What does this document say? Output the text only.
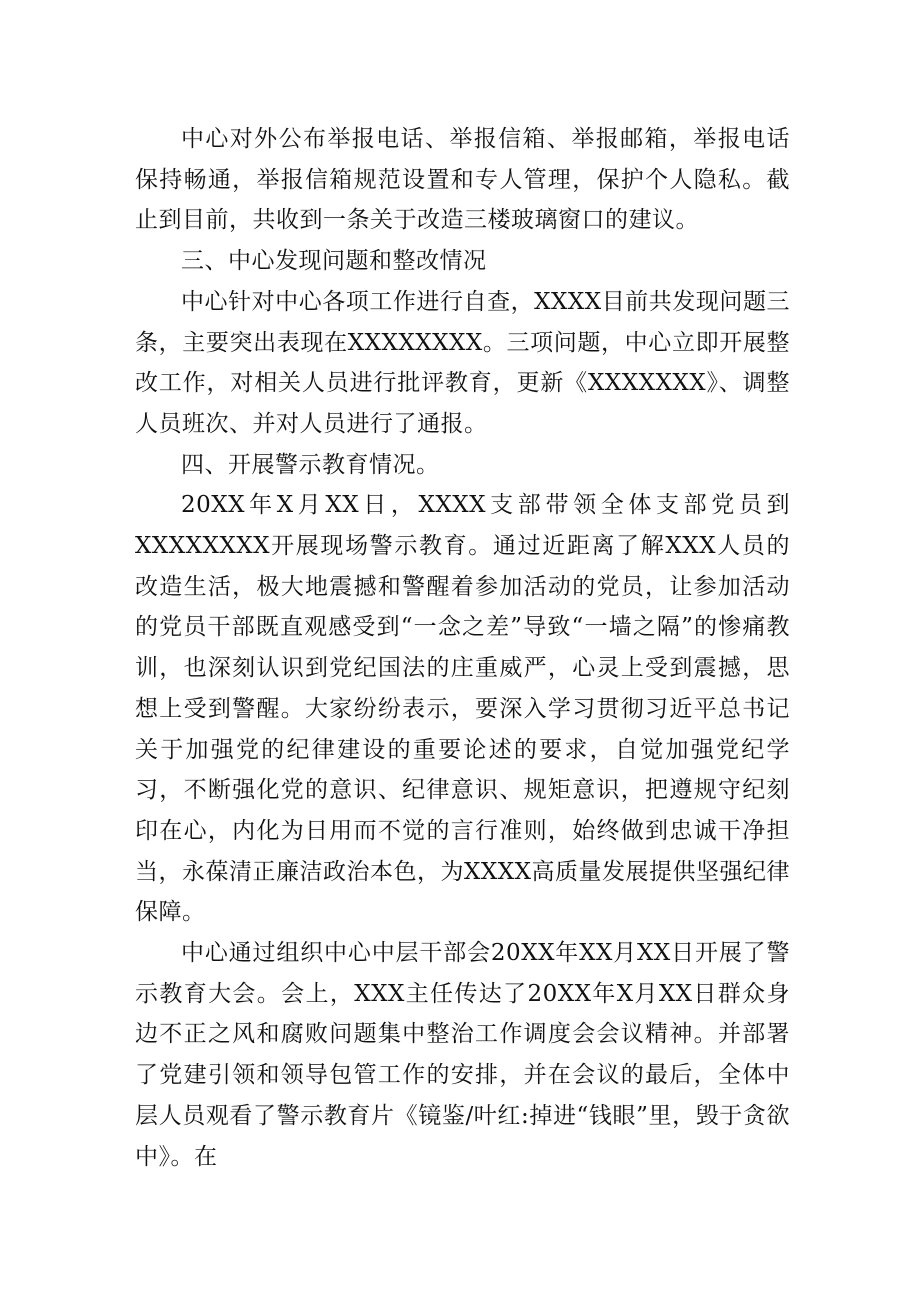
中心对外公布举报电话、举报信箱、举报邮箱，举报电话保持畅通，举报信箱规范设置和专人管理，保护个人隐私。截止到目前，共收到一条关于改造三楼玻璃窗口的建议。

三、中心发现问题和整改情况

中心针对中心各项工作进行自查，XXXX目前共发现问题三条，主要突出表现在XXXXXXXX。三项问题，中心立即开展整改工作，对相关人员进行批评教育，更新《XXXXXXX》、调整人员班次、并对人员进行了通报。

四、开展警示教育情况。

20XX年X月XX日，XXXX支部带领全体支部党员到XXXXXXXX开展现场警示教育。通过近距离了解XXX人员的改造生活，极大地震撼和警醒着参加活动的党员，让参加活动的党员干部既直观感受到“一念之差”导致“一墙之隔”的惨痛教训，也深刻认识到党纪国法的庄重威严，心灵上受到震撼，思想上受到警醒。大家纷纷表示，要深入学习贯彻习近平总书记关于加强党的纪律建设的重要论述的要求，自觉加强党纪学习，不断强化党的意识、纪律意识、规矩意识，把遵规守纪刻印在心，内化为日用而不觉的言行准则，始终做到忠诚干净担当，永葆清正廉洁政治本色，为XXXX高质量发展提供坚强纪律保障。

中心通过组织中心中层干部会20XX年XX月XX日开展了警示教育大会。会上，XXX主任传达了20XX年X月XX日群众身边不正之风和腐败问题集中整治工作调度会会议精神。并部署了党建引领和领导包管工作的安排，并在会议的最后，全体中层人员观看了警示教育片《镜鉴/叶红:掉进“钱眼”里，毁于贪欲中》。在
